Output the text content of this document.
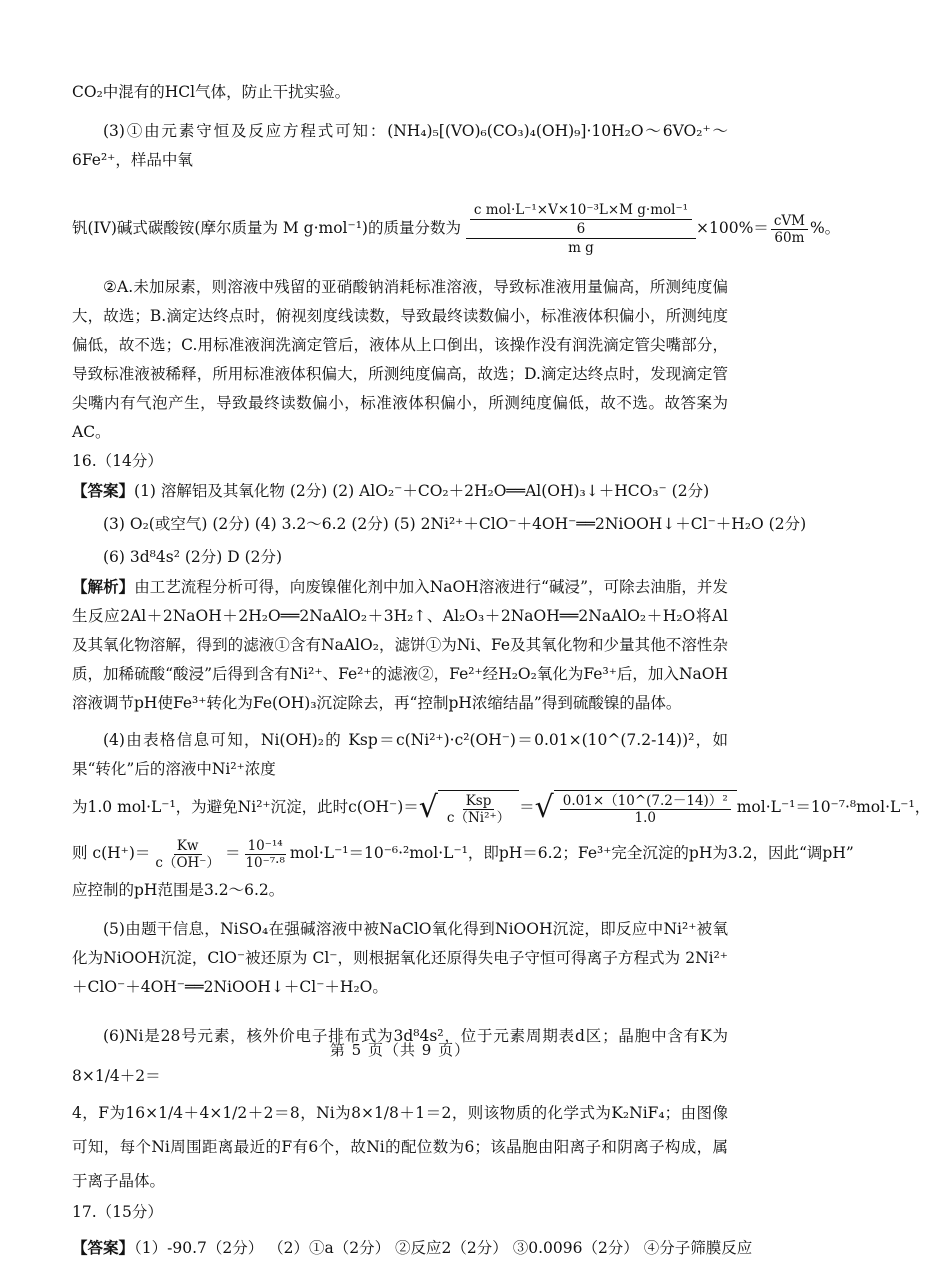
CO₂中混有的HCl气体，防止干扰实验。

(3)①由元素守恒及反应方程式可知：(NH₄)₅[(VO)₆(CO₃)₄(OH)₉]·10H₂O～6VO₂⁺～6Fe²⁺，样品中氧

钒(IV)碱式碳酸铵(摩尔质量为 M g·mol⁻¹)的质量分数为 c mol·L⁻¹×V×10⁻³L×M g·mol⁻¹
6
m $g \times 100\%= \frac{\text{cVM}}{60m}$ %。

②A.未加尿素，则溶液中残留的亚硝酸钠消耗标准溶液，导致标准液用量偏高，所测纯度偏大，故选；B.滴定达终点时，俯视刻度线读数，导致最终读数偏小，标准液体积偏小，所测纯度偏低，故不选；C.用标准液润洗滴定管后，液体从上口倒出，该操作没有润洗滴定管尖嘴部分，导致标准液被稀释，所用标准液体积偏大，所测纯度偏高，故选；D.滴定达终点时，发现滴定管尖嘴内有气泡产生，导致最终读数偏小，标准液体积偏小，所测纯度偏低，故不选。故答案为AC。

16.（14分）

【答案】(1) 溶解铝及其氧化物 (2分) (2) AlO₂⁻＋CO₂＋2H₂O══Al(OH)₃↓＋HCO₃⁻ (2分)

(3) O₂(或空气) (2分) (4) 3.2～6.2 (2分) (5) 2Ni²⁺＋ClO⁻＋4OH⁻══2NiOOH↓＋Cl⁻＋H₂O (2分)

(6) 3d⁸4s² (2分) D (2分)

【解析】由工艺流程分析可得，向废镍催化剂中加入NaOH溶液进行“碱浸”，可除去油脂，并发生反应2Al＋2NaOH＋2H₂O══2NaAlO₂＋3H₂↑、Al₂O₃＋2NaOH══2NaAlO₂＋H₂O将Al及其氧化物溶解，得到的滤液①含有NaAlO₂，滤饼①为Ni、Fe及其氧化物和少量其他不溶性杂质，加稀硫酸“酸浸”后得到含有Ni²⁺、Fe²⁺的滤液②，Fe²⁺经H₂O₂氧化为Fe³⁺后，加入NaOH溶液调节pH使Fe³⁺转化为Fe(OH)₃沉淀除去，再“控制pH浓缩结晶”得到硫酸镍的晶体。

(4)由表格信息可知，Ni(OH)₂的 Ksp＝c(Ni²⁺)·c²(OH⁻)＝0.01×(10^(7.2-14))²，如果“转化”后的溶液中Ni²⁺浓度

为1.0 mol·L⁻¹，为避免Ni²⁺沉淀，此时c(OH⁻)＝ √ $\frac{\text{Ksp}}{\text{c（Ni²⁺）}}$ ＝ √ $\frac{\text{0.01×（10\textasciicircum{}(7.2－14)）²}}{1.0} mol\cdot L^{-1}=10^{-7}\cdot^8mol\cdot L^{-1}$，

则 $c(H^+)= \frac{Kw}{c(OH^-)} = \frac{\text{10⁻¹⁴}}{\text{10⁻⁷·⁸}} mol\cdot L^{-1}=10^{-6}\cdot^2mol\cdot L^{-1}$，即pH＝6.2；Fe³⁺完全沉淀的pH为3.2，因此“调pH”

应控制的pH范围是3.2～6.2。

(5)由题干信息，NiSO₄在强碱溶液中被NaClO氧化得到NiOOH沉淀，即反应中Ni²⁺被氧化为NiOOH沉淀，ClO⁻被还原为 Cl⁻，则根据氧化还原得失电子守恒可得离子方程式为 2Ni²⁺＋ClO⁻＋4OH⁻══2NiOOH↓＋Cl⁻＋H₂O。

(6)Ni是28号元素，核外价电子排布式为3d⁸4s²，位于元素周期表d区；晶胞中含有K为8×1/4＋2＝

4，F为16×1/4＋4×1/2＋2＝8，Ni为8×1/8＋1＝2，则该物质的化学式为K₂NiF₄；由图像可知，每个Ni周围距离最近的F有6个，故Ni的配位数为6；该晶胞由阳离子和阴离子构成，属于离子晶体。

17.（15分）

【答案】（1）-90.7（2分） （2）①a（2分） ②反应2（2分） ③0.0096（2分） ④分子筛膜反应

第 5 页（共 9 页）
